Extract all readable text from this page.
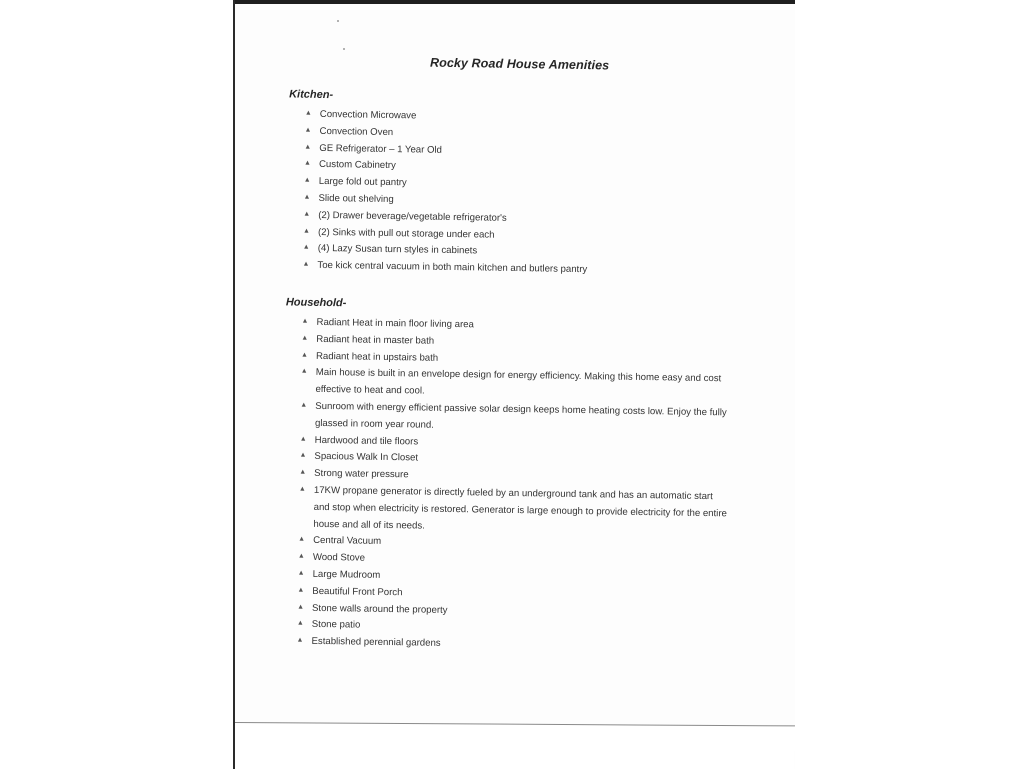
Rocky Road House Amenities
Kitchen-
▲ Convection Microwave
▲ Convection Oven
▲ GE Refrigerator – 1 Year Old
▲ Custom Cabinetry
▲ Large fold out pantry
▲ Slide out shelving
▲ (2) Drawer beverage/vegetable refrigerator's
▲ (2) Sinks with pull out storage under each
▲ (4) Lazy Susan turn styles in cabinets
▲ Toe kick central vacuum in both main kitchen and butlers pantry
Household-
▲ Radiant Heat in main floor living area
▲ Radiant heat in master bath
▲ Radiant heat in upstairs bath
▲ Main house is built in an envelope design for energy efficiency. Making this home easy and cost effective to heat and cool.
▲ Sunroom with energy efficient passive solar design keeps home heating costs low. Enjoy the fully glassed in room year round.
▲ Hardwood and tile floors
▲ Spacious Walk In Closet
▲ Strong water pressure
▲ 17KW propane generator is directly fueled by an underground tank and has an automatic start and stop when electricity is restored. Generator is large enough to provide electricity for the entire house and all of its needs.
▲ Central Vacuum
▲ Wood Stove
▲ Large Mudroom
▲ Beautiful Front Porch
▲ Stone walls around the property
▲ Stone patio
▲ Established perennial gardens
